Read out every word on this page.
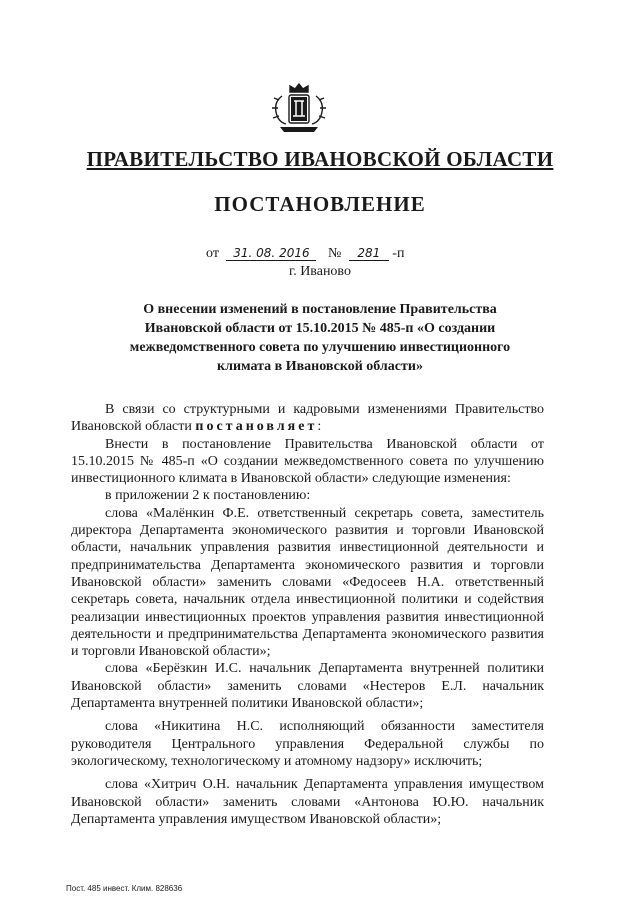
ПРАВИТЕЛЬСТВО ИВАНОВСКОЙ ОБЛАСТИ
ПОСТАНОВЛЕНИЕ
от 31. 08. 2016 № 281 -п
г. Иваново
О внесении изменений в постановление Правительства Ивановской области от 15.10.2015 № 485-п «О создании межведомственного совета по улучшению инвестиционного климата в Ивановской области»

В связи со структурными и кадровыми изменениями Правительство Ивановской области постановляет:

Внести в постановление Правительства Ивановской области от 15.10.2015 № 485-п «О создании межведомственного совета по улучшению инвестиционного климата в Ивановской области» следующие изменения:

в приложении 2 к постановлению:

слова «Малёнкин Ф.Е. ответственный секретарь совета, заместитель директора Департамента экономического развития и торговли Ивановской области, начальник управления развития инвестиционной деятельности и предпринимательства Департамента экономического развития и торговли Ивановской области» заменить словами «Федосеев Н.А. ответственный секретарь совета, начальник отдела инвестиционной политики и содействия реализации инвестиционных проектов управления развития инвестиционной деятельности и предпринимательства Департамента экономического развития и торговли Ивановской области»;

слова «Берёзкин И.С. начальник Департамента внутренней политики Ивановской области» заменить словами «Нестеров Е.Л. начальник Департамента внутренней политики Ивановской области»;

слова «Никитина Н.С. исполняющий обязанности заместителя руководителя Центрального управления Федеральной службы по экологическому, технологическому и атомному надзору» исключить;

слова «Хитрич О.Н. начальник Департамента управления имуществом Ивановской области» заменить словами «Антонова Ю.Ю. начальник Департамента управления имуществом Ивановской области»;

Пост. 485 инвест. Клим. 828636
